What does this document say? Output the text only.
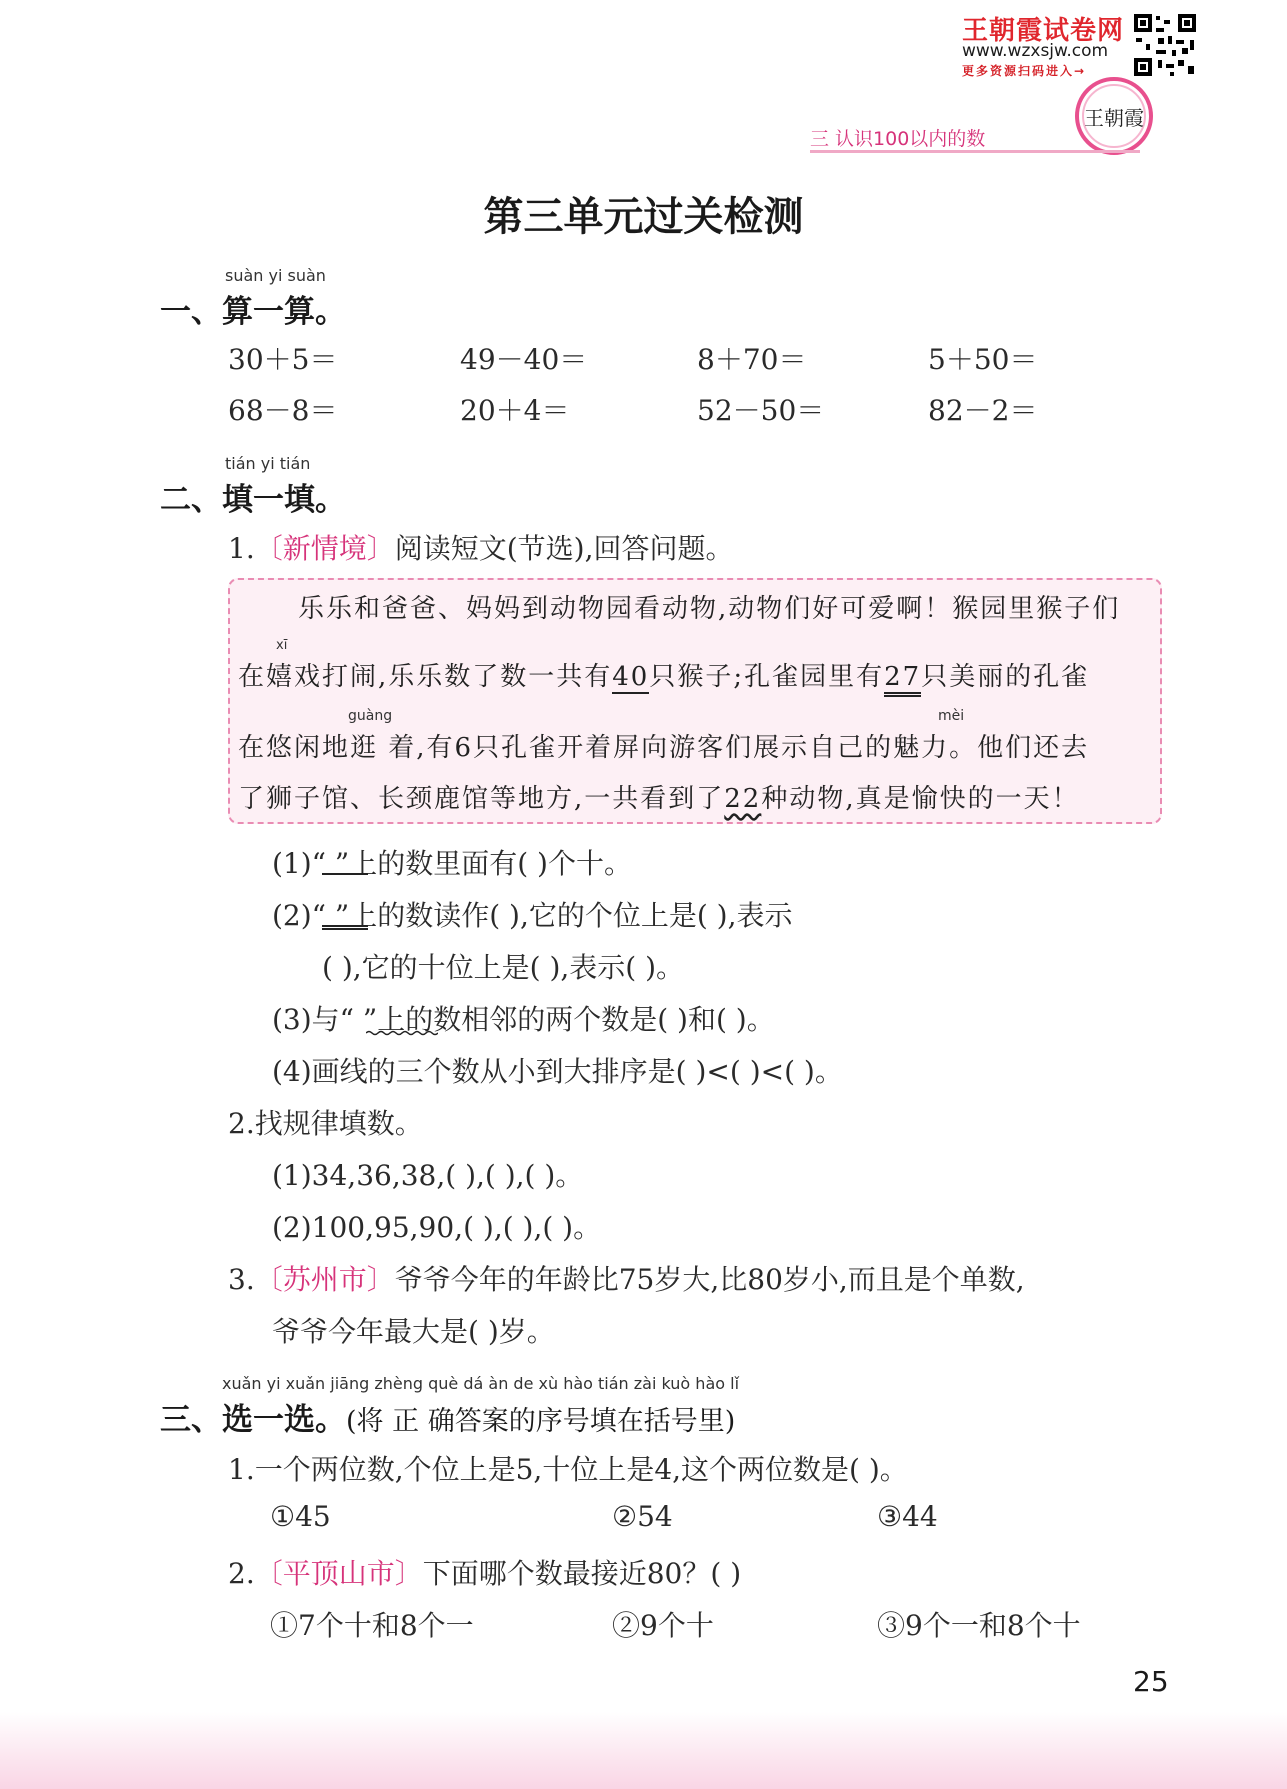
王朝霞试卷网
www.wzxsjw.com
更多资源扫码进入→
王朝霞
三 认识100以内的数
第三单元过关检测
suàn yi suàn
一、算一算。
30＋5＝	49－40＝	8＋70＝	5＋50＝
68－8＝	20＋4＝	52－50＝	82－2＝
tián yi tián
二、填一填。
1.〔新情境〕阅读短文(节选),回答问题。
乐乐和爸爸、妈妈到动物园看动物,动物们好可爱啊！猴园里猴子们
xī
在嬉戏打闹,乐乐数了数一共有40只猴子;孔雀园里有27只美丽的孔雀
guàng	mèi
在悠闲地逛 着,有6只孔雀开着屏向游客们展示自己的魅力。他们还去
了狮子馆、长颈鹿馆等地方,一共看到了22种动物,真是愉快的一天！
(1)“ ”上的数里面有( )个十。
(2)“ ”上的数读作( ),它的个位上是( ),表示
( ),它的十位上是( ),表示( )。
(3)与“ ”上的数相邻的两个数是( )和( )。
(4)画线的三个数从小到大排序是( )<( )<( )。
2.找规律填数。
(1)34,36,38,( ),( ),( )。
(2)100,95,90,( ),( ),( )。
3.〔苏州市〕爷爷今年的年龄比75岁大,比80岁小,而且是个单数,
爷爷今年最大是( )岁。
xuǎn yi xuǎn jiāng zhèng què dá àn de xù hào tián zài kuò hào lǐ
三、选一选。(将 正 确答案的序号填在括号里)
1.一个两位数,个位上是5,十位上是4,这个两位数是( )。
①45	②54	③44
2.〔平顶山市〕下面哪个数最接近80？( )
①7个十和8个一	②9个十	③9个一和8个十
25
